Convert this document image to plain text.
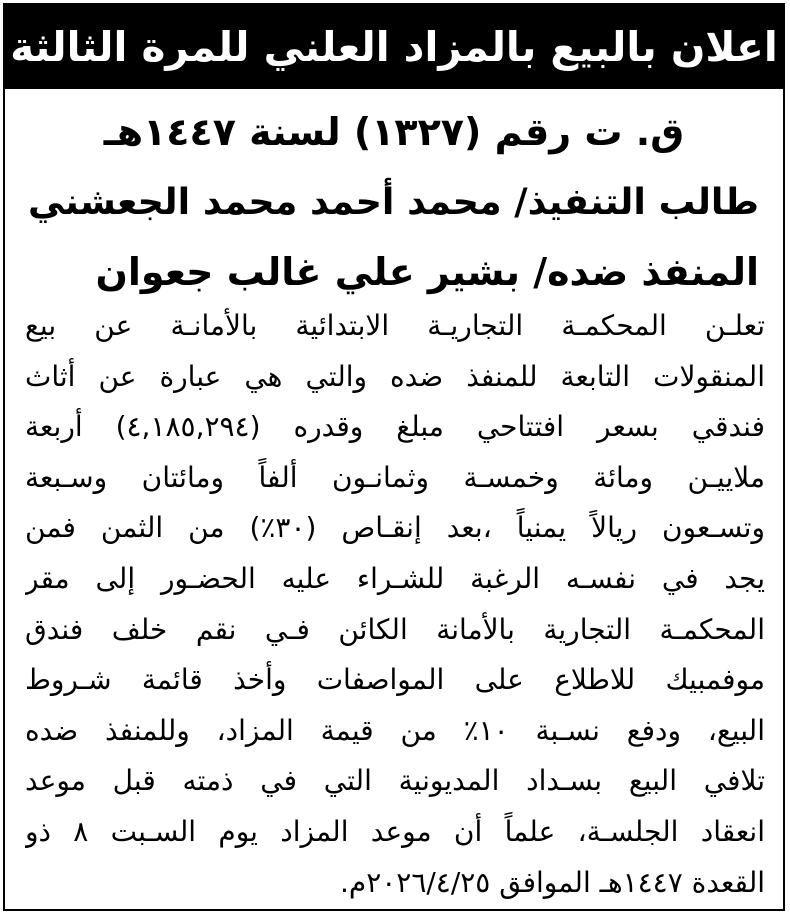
اعلان بالبيع بالمزاد العلني للمرة الثالثة
ق. ت رقم (١٣٢٧) لسنة ١٤٤٧هـ
طالب التنفيذ/ محمد أحمد محمد الجعشني
المنفذ ضده/ بشير علي غالب جعوان
تعلـن المحكمـة التجاريـة الابتدائية بالأمانـة عن بيع
المنقولات التابعة للمنفذ ضده والتي هي عبارة عن أثاث
فندقي بسعر افتتاحي مبلغ وقدره (٤,١٨٥,٢٩٤) أربعة
ملاييـن ومائة وخمسـة وثمانـون ألفاً ومائتان وسـبعة
وتسـعون ريالاً يمنياً ،بعد إنقـاص (٣٠٪) من الثمن فمن
يجد في نفسـه الرغبة للشـراء عليه الحضـور إلى مقر
المحكمـة التجارية بالأمانة الكائن فـي نقم خلف فندق
موفمبيك للاطلاع على المواصفات وأخذ قائمة شـروط
البيع، ودفع نسـبة ١٠٪ من قيمة المزاد، وللمنفذ ضده
تلافي البيع بسـداد المديونية التي في ذمته قبل موعد
انعقاد الجلسـة، علماً أن موعد المزاد يوم السـبت ٨ ذو
القعدة ١٤٤٧هـ الموافق ٢٠٢٦/٤/٢٥م.
